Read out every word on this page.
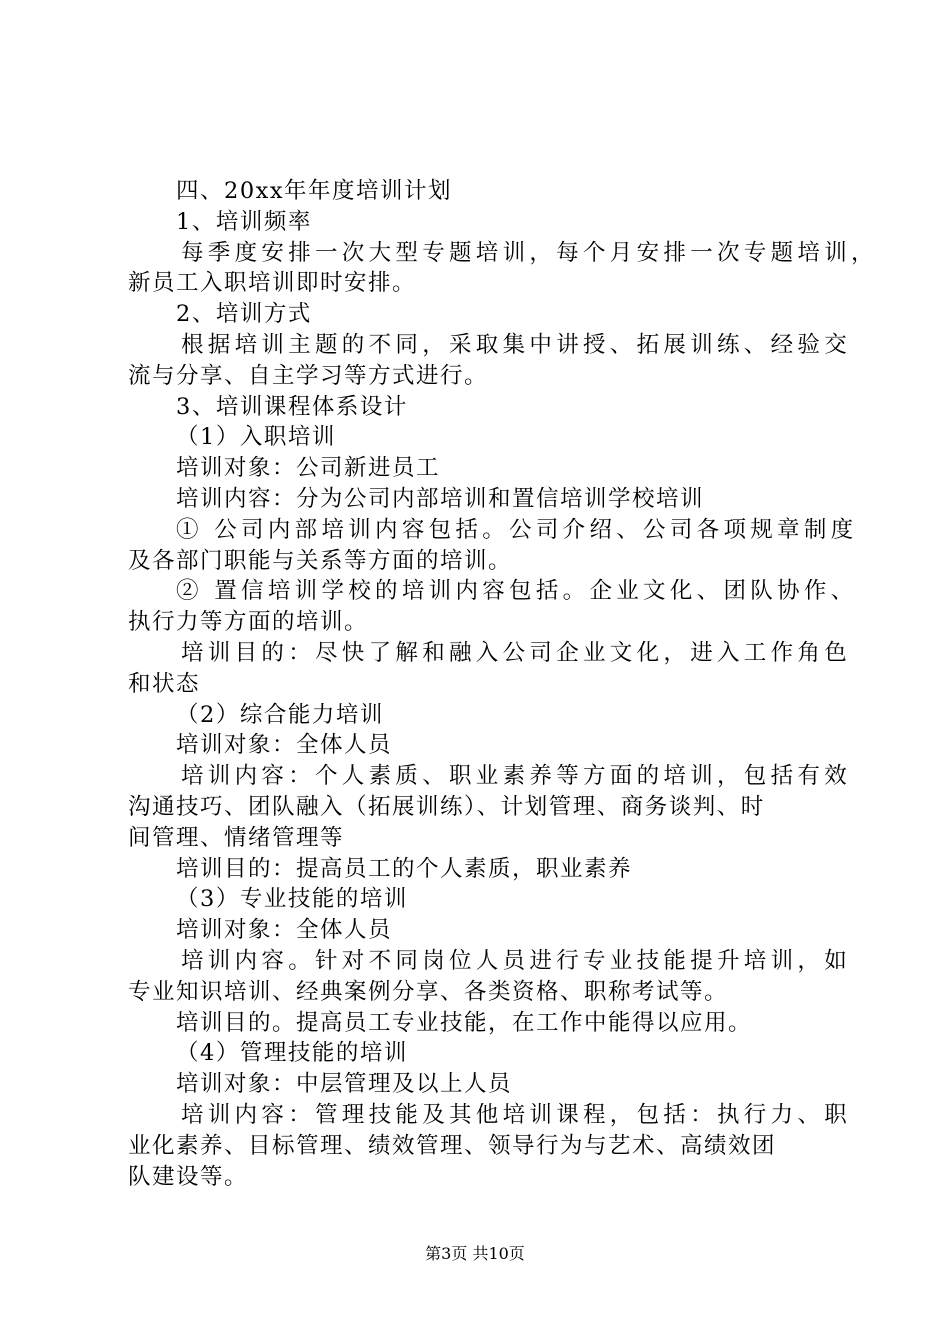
四、20xx年年度培训计划
1、培训频率
每季度安排一次大型专题培训，每个月安排一次专题培训，
新员工入职培训即时安排。
2、培训方式
根据培训主题的不同，采取集中讲授、拓展训练、经验交
流与分享、自主学习等方式进行。
3、培训课程体系设计
（1）入职培训
培训对象：公司新进员工
培训内容：分为公司内部培训和置信培训学校培训
① 公司内部培训内容包括。公司介绍、公司各项规章制度
及各部门职能与关系等方面的培训。
② 置信培训学校的培训内容包括。企业文化、团队协作、
执行力等方面的培训。
培训目的：尽快了解和融入公司企业文化，进入工作角色
和状态
（2）综合能力培训
培训对象：全体人员
培训内容：个人素质、职业素养等方面的培训，包括有效
沟通技巧、团队融入（拓展训练）、计划管理、商务谈判、时
间管理、情绪管理等
培训目的：提高员工的个人素质，职业素养
（3）专业技能的培训
培训对象：全体人员
培训内容。针对不同岗位人员进行专业技能提升培训，如
专业知识培训、经典案例分享、各类资格、职称考试等。
培训目的。提高员工专业技能，在工作中能得以应用。
（4）管理技能的培训
培训对象：中层管理及以上人员
培训内容：管理技能及其他培训课程，包括：执行力、职
业化素养、目标管理、绩效管理、领导行为与艺术、高绩效团
队建设等。
第3页 共10页
